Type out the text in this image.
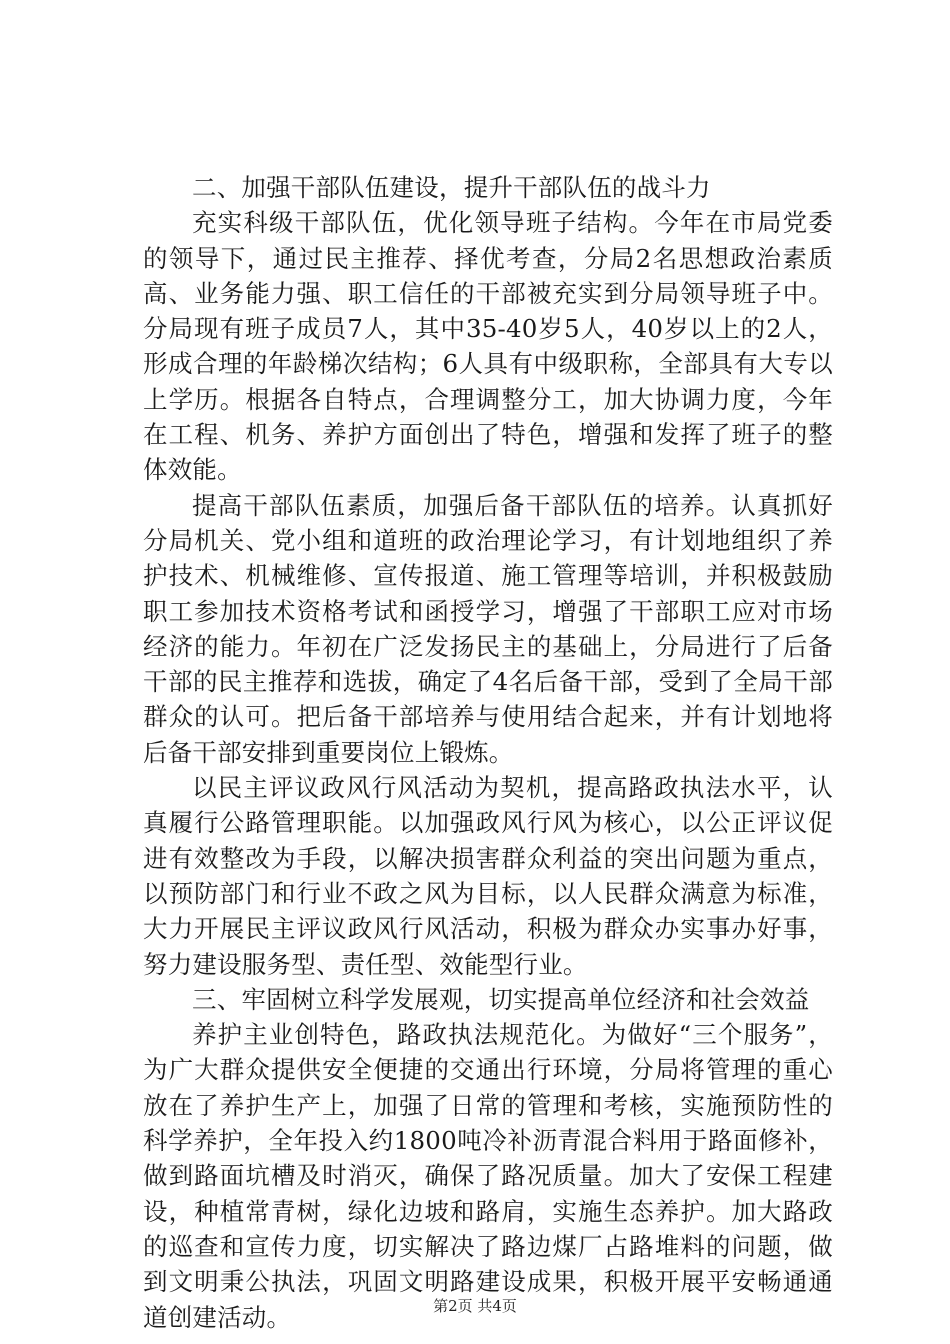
二、加强干部队伍建设，提升干部队伍的战斗力

充实科级干部队伍，优化领导班子结构。今年在市局党委的领导下，通过民主推荐、择优考查，分局2名思想政治素质高、业务能力强、职工信任的干部被充实到分局领导班子中。分局现有班子成员7人，其中35-40岁5人，40岁以上的2人，形成合理的年龄梯次结构；6人具有中级职称，全部具有大专以上学历。根据各自特点，合理调整分工，加大协调力度，今年在工程、机务、养护方面创出了特色，增强和发挥了班子的整体效能。

提高干部队伍素质，加强后备干部队伍的培养。认真抓好分局机关、党小组和道班的政治理论学习，有计划地组织了养护技术、机械维修、宣传报道、施工管理等培训，并积极鼓励职工参加技术资格考试和函授学习，增强了干部职工应对市场经济的能力。年初在广泛发扬民主的基础上，分局进行了后备干部的民主推荐和选拔，确定了4名后备干部，受到了全局干部群众的认可。把后备干部培养与使用结合起来，并有计划地将后备干部安排到重要岗位上锻炼。

以民主评议政风行风活动为契机，提高路政执法水平，认真履行公路管理职能。以加强政风行风为核心，以公正评议促进有效整改为手段，以解决损害群众利益的突出问题为重点，以预防部门和行业不政之风为目标，以人民群众满意为标准，大力开展民主评议政风行风活动，积极为群众办实事办好事，努力建设服务型、责任型、效能型行业。

三、牢固树立科学发展观，切实提高单位经济和社会效益

养护主业创特色，路政执法规范化。为做好“三个服务”，为广大群众提供安全便捷的交通出行环境，分局将管理的重心放在了养护生产上，加强了日常的管理和考核，实施预防性的科学养护，全年投入约1800吨冷补沥青混合料用于路面修补，做到路面坑槽及时消灭，确保了路况质量。加大了安保工程建设，种植常青树，绿化边坡和路肩，实施生态养护。加大路政的巡查和宣传力度，切实解决了路边煤厂占路堆料的问题，做到文明秉公执法，巩固文明路建设成果，积极开展平安畅通通道创建活动。	第2页 共4页
